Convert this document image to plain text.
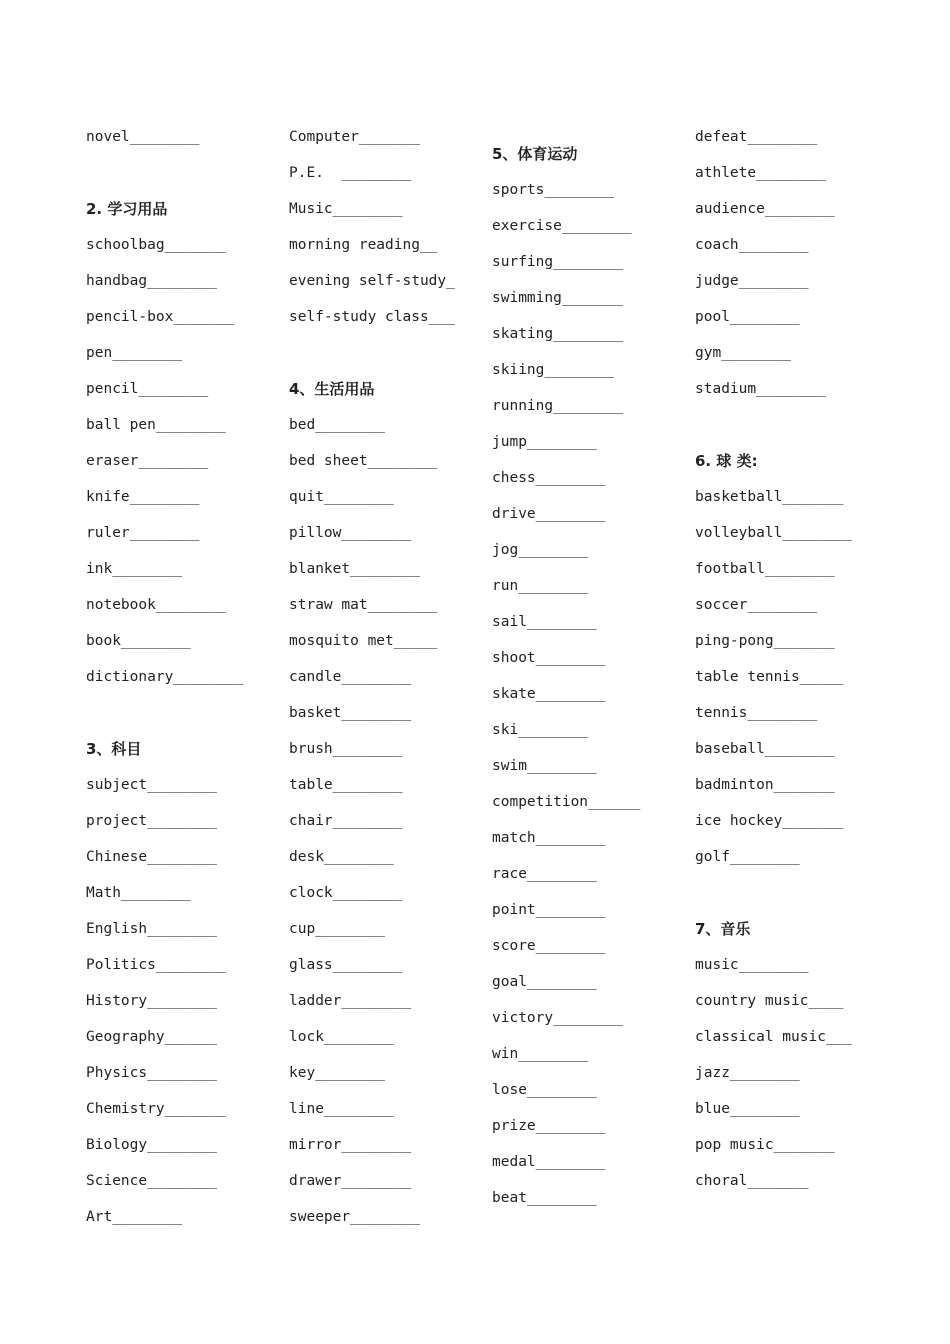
novel________
2. 学习用品
schoolbag_______
handbag________
pencil-box_______
pen________
pencil________
ball pen________
eraser________
knife________
ruler________
ink________
notebook________
book________
dictionary________
3、科目
subject________
project________
Chinese________
Math________
English________
Politics________
History________
Geography______
Physics________
Chemistry_______
Biology________
Science________
Art________
Computer_______
P.E.  ________
Music________
morning reading__
evening self-study_
self-study class___
4、生活用品
bed________
bed sheet________
quit________
pillow________
blanket________
straw mat________
mosquito met_____
candle________
basket________
brush________
table________
chair________
desk________
clock________
cup________
glass________
ladder________
lock________
key________
line________
mirror________
drawer________
sweeper________
5、体育运动
sports________
exercise________
surfing________
swimming_______
skating________
skiing________
running________
jump________
chess________
drive________
jog________
run________
sail________
shoot________
skate________
ski________
swim________
competition______
match________
race________
point________
score________
goal________
victory________
win________
lose________
prize________
medal________
beat________
defeat________
athlete________
audience________
coach________
judge________
pool________
gym________
stadium________
6. 球 类:
basketball_______
volleyball________
football________
soccer________
ping-pong_______
table tennis_____
tennis________
baseball________
badminton_______
ice hockey_______
golf________
7、音乐
music________
country music____
classical music___
jazz________
blue________
pop music_______
choral_______
